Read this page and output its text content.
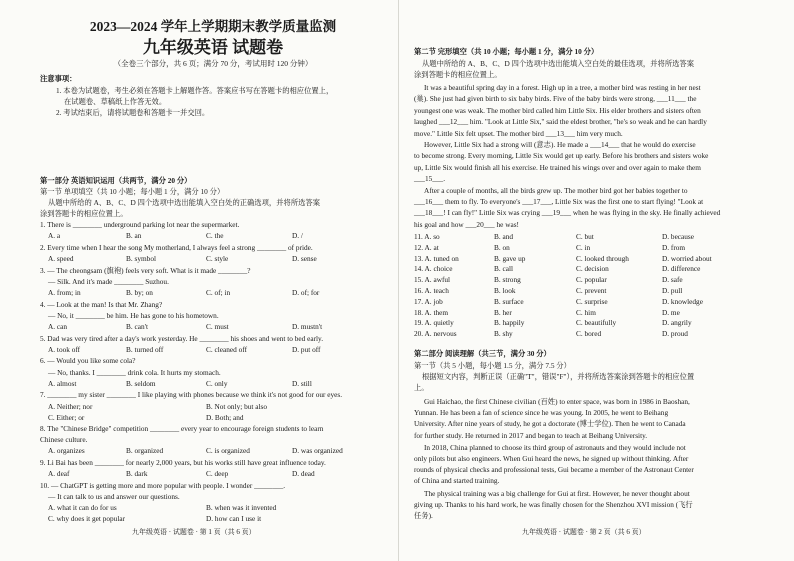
2023—2024 学年上学期期末教学质量监测
九年级英语 试题卷
（全卷三个部分，共 6 页；满分 70 分，考试用时 120 分钟）
注意事项：
1. 本卷为试题卷，考生必须在答题卡上解题作答。答案应书写在答题卡的相应位置上，
在试题卷、草稿纸上作答无效。
2. 考试结束后，请将试题卷和答题卡一并交回。
第一部分 英语知识运用（共两节，满分 20 分）
第一节 单项填空（共 10 小题；每小题 1 分，满分 10 分）
从题中所给的 A、B、C、D 四个选项中选出能填入空白处的正确选项，并将所选答案
涂到答题卡的相应位置上。
1. There is ________ underground parking lot near the supermarket.
A. a	B. an	C. the	D. /
2. Every time when I hear the song My motherland, I always feel a strong ________ of pride.
A. speed	B. symbol	C. style	D. sense
3. — The cheongsam (旗袍) feels very soft. What is it made ________?
— Silk. And it's made ________ Suzhou.
A. from; in	B. by; on	C. of; in	D. of; for
4. — Look at the man! Is that Mr. Zhang?
— No, it ________ be him. He has gone to his hometown.
A. can	B. can't	C. must	D. mustn't
5. Dad was very tired after a day's work yesterday. He ________ his shoes and went to bed early.
A. took off	B. turned off	C. cleaned off	D. put off
6. — Would you like some cola?
— No, thanks. I ________ drink cola. It hurts my stomach.
A. almost	B. seldom	C. only	D. still
7. ________ my sister ________ I like playing with phones because we think it's not good for our eyes.
A. Neither; nor	B. Not only; but also
C. Either; or	D. Both; and
8. The "Chinese Bridge" competition ________ every year to encourage foreign students to learn
Chinese culture.
A. organizes	B. organized	C. is organized	D. was organized
9. Li Bai has been ________ for nearly 2,000 years, but his works still have great influence today.
A. deaf	B. dark	C. deep	D. dead
10. — ChatGPT is getting more and more popular with people. I wonder ________.
— It can talk to us and answer our questions.
A. what it can do for us	B. when was it invented
C. why does it get popular	D. how can I use it
九年级英语 · 试题卷 · 第 1 页（共 6 页）
第二节 完形填空（共 10 小题；每小题 1 分，满分 10 分）
从题中所给的 A、B、C、D 四个选项中选出能填入空白处的最佳选项，并将所选答案
涂到答题卡的相应位置上。
It was a beautiful spring day in a forest. High up in a tree, a mother bird was resting in her nest
(巢). She just had given birth to six baby birds. Five of the baby birds were strong, ___11___ the
youngest one was weak. The mother bird called him Little Six. His elder brothers and sisters often
laughed ___12___ him. "Look at Little Six," said the eldest brother, "he's so weak and he can hardly
move." Little Six felt upset. The mother bird ___13___ him very much.
However, Little Six had a strong will (意志). He made a ___14___ that he would do exercise
to become strong. Every morning, Little Six would get up early. Before his brothers and sisters woke
up, Little Six would finish all his exercise. He trained his wings over and over again to make them
___15___.
After a couple of months, all the birds grew up. The mother bird got her babies together to
___16___ them to fly. To everyone's ___17___, Little Six was the first one to start flying! "Look at
___18___! I can fly!" Little Six was crying ___19___ when he was flying in the sky. He finally achieved
his goal and how ___20___ he was!
11. A. so	B. and	C. but	D. because
12. A. at	B. on	C. in	D. from
13. A. tuned on	B. gave up	C. looked through	D. worried about
14. A. choice	B. call	C. decision	D. difference
15. A. awful	B. strong	C. popular	D. safe
16. A. teach	B. look	C. prevent	D. pull
17. A. job	B. surface	C. surprise	D. knowledge
18. A. them	B. her	C. him	D. me
19. A. quietly	B. happily	C. beautifully	D. angrily
20. A. nervous	B. shy	C. bored	D. proud
第二部分 阅读理解（共三节，满分 30 分）
第一节（共 5 小题，每小题 1.5 分，满分 7.5 分）
根据短文内容，判断正误（正确"T"，错误"F"），并将所选答案涂到答题卡的相应位置
上。
Gui Haichao, the first Chinese civilian (百姓) to enter space, was born in 1986 in Baoshan,
Yunnan. He has been a fan of science since he was young. In 2005, he went to Beihang
University. After nine years of study, he got a doctorate (博士学位). Then he went to Canada
for further study. He returned in 2017 and began to teach at Beihang University.
In 2018, China planned to choose its third group of astronauts and they would include not
only pilots but also engineers. When Gui heard the news, he signed up without thinking. After
rounds of physical checks and professional tests, Gui became a member of the Astronaut Center
of China and started training.
The physical training was a big challenge for Gui at first. However, he never thought about
giving up. Thanks to his hard work, he was finally chosen for the Shenzhou XVI mission (飞行
任务).
九年级英语 · 试题卷 · 第 2 页（共 6 页）
